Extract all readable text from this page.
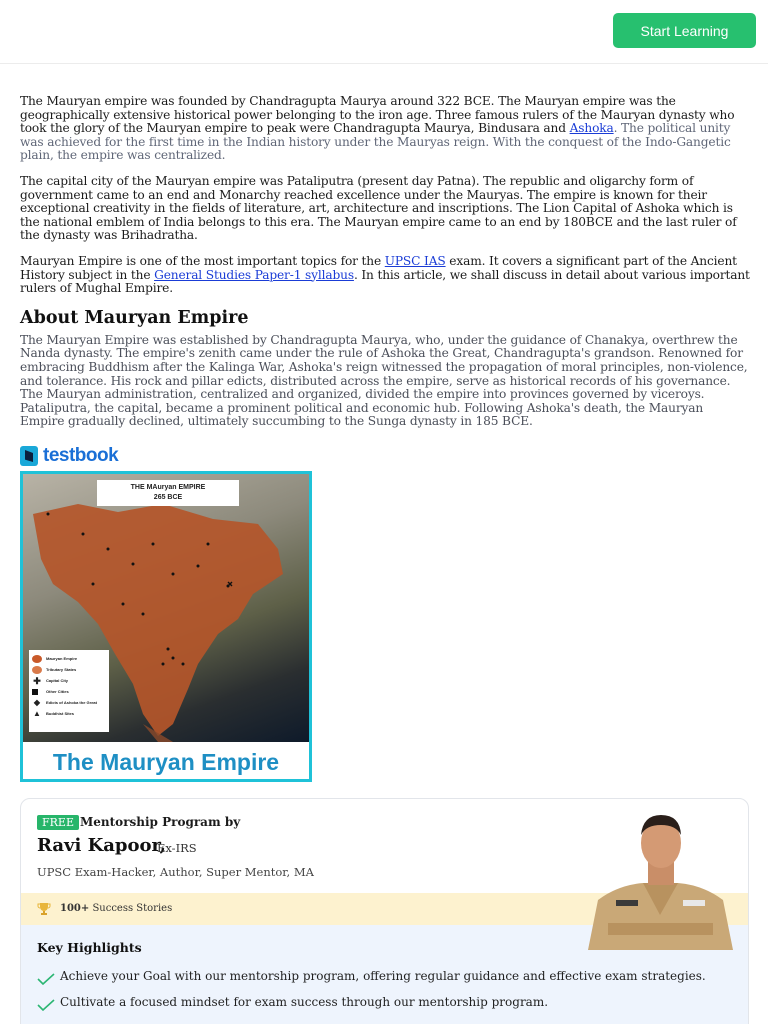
Start Learning

The Mauryan empire was founded by Chandragupta Maurya around 322 BCE. The Mauryan empire was the geographically extensive historical power belonging to the iron age. Three famous rulers of the Mauryan dynasty who took the glory of the Mauryan empire to peak were Chandragupta Maurya, Bindusara and Ashoka. The political unity was achieved for the first time in the Indian history under the Mauryas reign. With the conquest of the Indo-Gangetic plain, the empire was centralized.

The capital city of the Mauryan empire was Pataliputra (present day Patna). The republic and oligarchy form of government came to an end and Monarchy reached excellence under the Mauryas. The empire is known for their exceptional creativity in the fields of literature, art, architecture and inscriptions. The Lion Capital of Ashoka which is the national emblem of India belongs to this era. The Mauryan empire came to an end by 180BCE and the last ruler of the dynasty was Brihadratha.

Mauryan Empire is one of the most important topics for the UPSC IAS exam. It covers a significant part of the Ancient History subject in the General Studies Paper-1 syllabus. In this article, we shall discuss in detail about various important rulers of Mughal Empire.

About Mauryan Empire

The Mauryan Empire was established by Chandragupta Maurya, who, under the guidance of Chanakya, overthrew the Nanda dynasty. The empire's zenith came under the rule of Ashoka the Great, Chandragupta's grandson. Renowned for embracing Buddhism after the Kalinga War, Ashoka's reign witnessed the propagation of moral principles, non-violence, and tolerance. His rock and pillar edicts, distributed across the empire, serve as historical records of his governance. The Mauryan administration, centralized and organized, divided the empire into provinces governed by viceroys. Pataliputra, the capital, became a prominent political and economic hub. Following Ashoka's death, the Mauryan Empire gradually declined, ultimately succumbing to the Sunga dynasty in 185 BCE.

testbook
THE MAuryan EMPIRE
265 BCE
Mauryan Empire
Tributary States
✚	Capital City
Other Cities
◆	Edicts of Ashoka the Great
▲ Buddhist Sites
The Mauryan Empire
FREE Mentorship Program by
Ravi Kapoor,
Ex-IRS
UPSC Exam-Hacker, Author, Super Mentor, MA
100+ Success Stories
Key Highlights
Achieve your Goal with our mentorship program, offering regular guidance and effective exam strategies.
Cultivate a focused mindset for exam success through our mentorship program.
